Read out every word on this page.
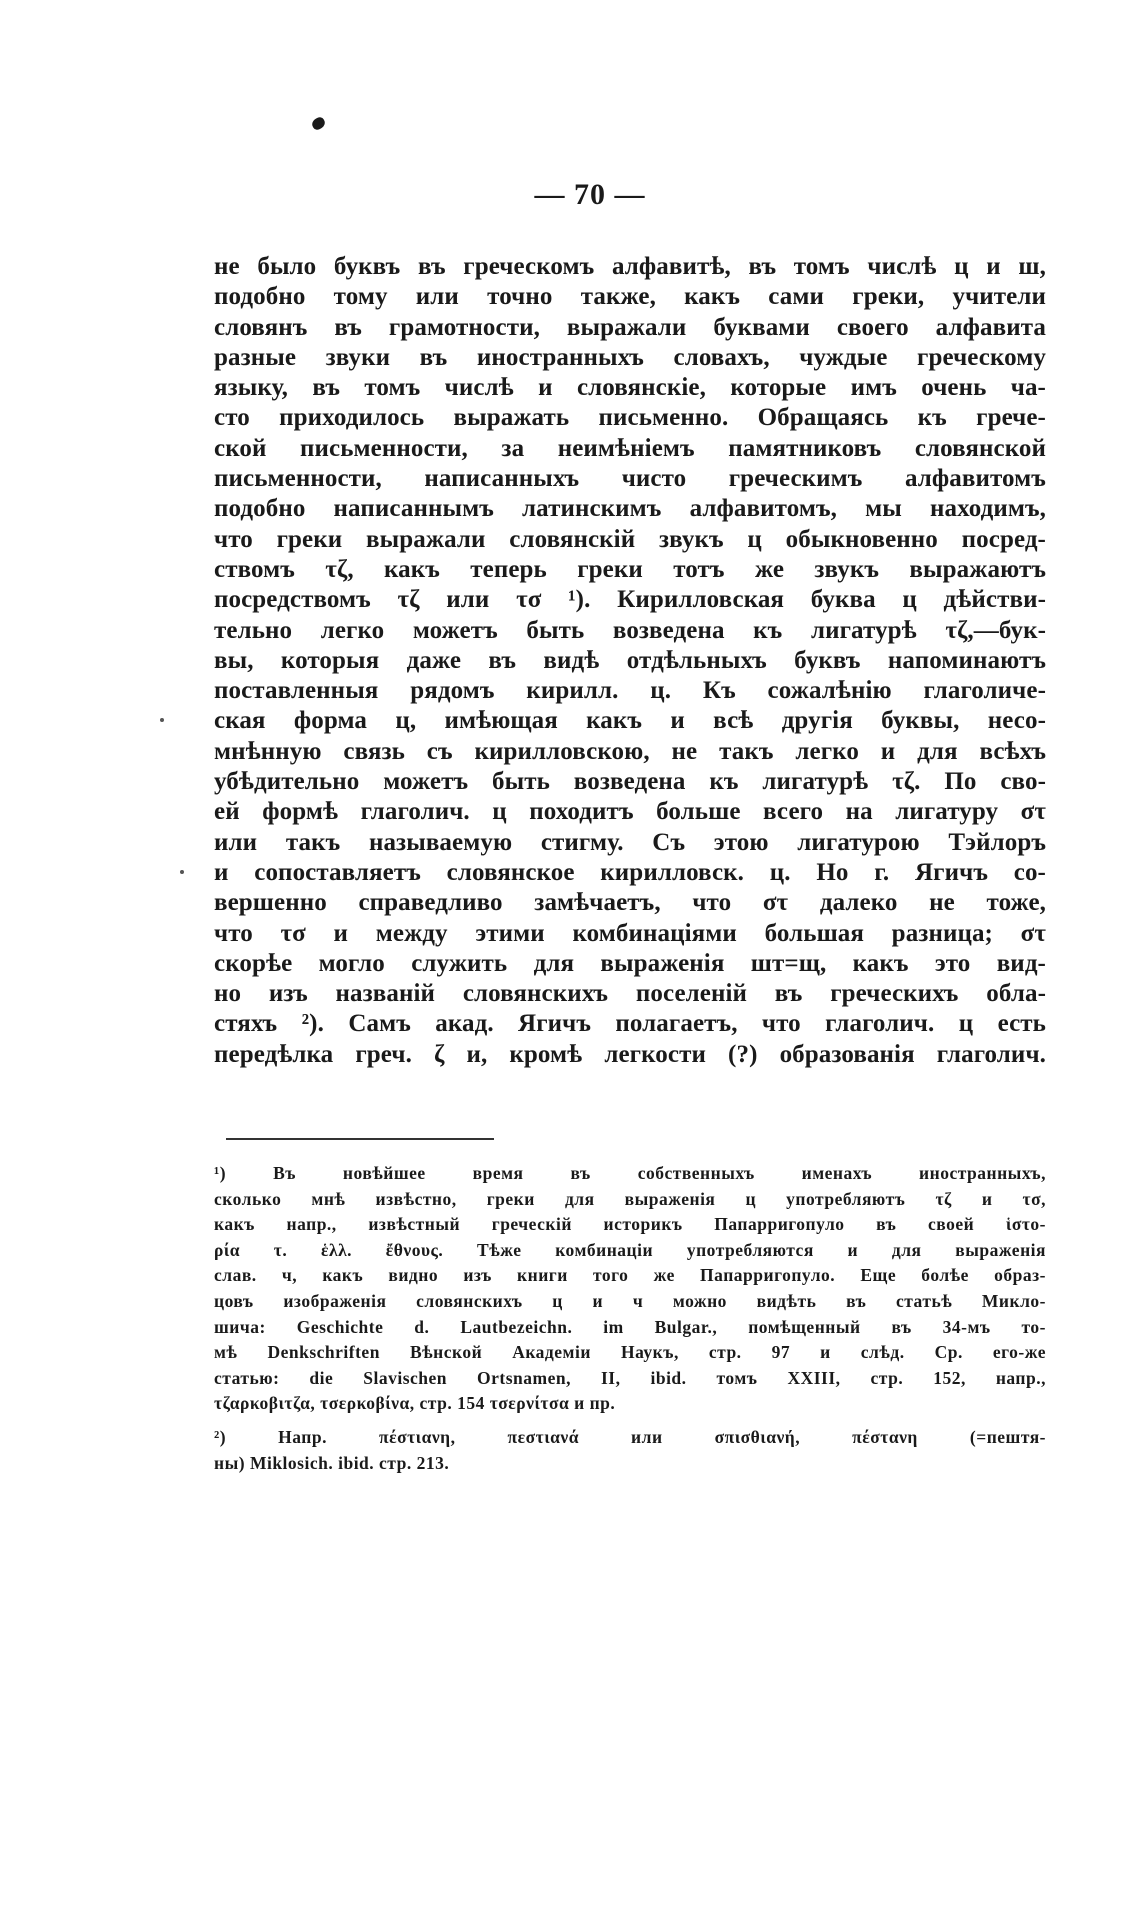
— 70 —
не было буквъ въ греческомъ алфавитѣ, въ томъ числѣ ц и ш,
подобно тому или точно также, какъ сами греки, учители
словянъ въ грамотности, выражали буквами своего алфавита
разные звуки въ иностранныхъ словахъ, чуждые греческому
языку, въ томъ числѣ и словянскіе, которые имъ очень ча-
сто приходилось выражать письменно. Обращаясь къ грече-
ской письменности, за неимѣніемъ памятниковъ словянской
письменности, написанныхъ чисто греческимъ алфавитомъ
подобно написаннымъ латинскимъ алфавитомъ, мы находимъ,
что греки выражали словянскій звукъ ц обыкновенно посред-
ствомъ τζ, какъ теперь греки тотъ же звукъ выражаютъ
посредствомъ τζ или τσ ¹). Кирилловская буква ц дѣйстви-
тельно легко можетъ быть возведена къ лигатурѣ τζ,—бук-
вы, которыя даже въ видѣ отдѣльныхъ буквъ напоминаютъ
поставленныя рядомъ кирилл. ц. Къ сожалѣнію глаголиче-
ская форма ц, имѣющая какъ и всѣ другія буквы, несо-
мнѣнную связь съ кирилловскою, не такъ легко и для всѣхъ
убѣдительно можетъ быть возведена къ лигатурѣ τζ. По сво-
ей формѣ глаголич. ц походитъ больше всего на лигатуру στ
или такъ называемую стигму. Съ этою лигатурою Тэйлоръ
и сопоставляетъ словянское кирилловск. ц. Но г. Ягичъ со-
вершенно справедливо замѣчаетъ, что στ далеко не тоже,
что τσ и между этими комбинаціями большая разница; στ
скорѣе могло служить для выраженія шт=щ, какъ это вид-
но изъ названій словянскихъ поселеній въ греческихъ обла-
стяхъ ²). Самъ акад. Ягичъ полагаетъ, что глаголич. ц есть
передѣлка греч. ζ и, кромѣ легкости (?) образованія глаголич.
¹) Въ новѣйшее время въ собственныхъ именахъ иностранныхъ,
сколько мнѣ извѣстно, греки для выраженія ц употребляютъ τζ и τσ,
какъ напр., извѣстный греческій историкъ Папарригопуло въ своей ἱστο-
ρία τ. ἑλλ. ἔθνους. Тѣже комбинаціи употребляются и для выраженія
слав. ч, какъ видно изъ книги того же Папарригопуло. Еще болѣе образ-
цовъ изображенія словянскихъ ц и ч можно видѣть въ статьѣ Миклo-
шича: Geschichte d. Lautbezeichn. im Bulgar., помѣщенный въ 34-мъ то-
мѣ Denkschriften Вѣнской Академіи Наукъ, стр. 97 и слѣд. Ср. его-же
статью: die Slavischen Ortsnamen, II, ibid. томъ XXIII, стр. 152, напр.,
τζαρκοβιτζα, τσερκοβίνα, стр. 154 τσερνίτσα и пр.
²) Напр. πέστιανη, πεστιανά или σπισθιανή, πέστανη (=пештя-
ны) Miklosich. ibid. стр. 213.
